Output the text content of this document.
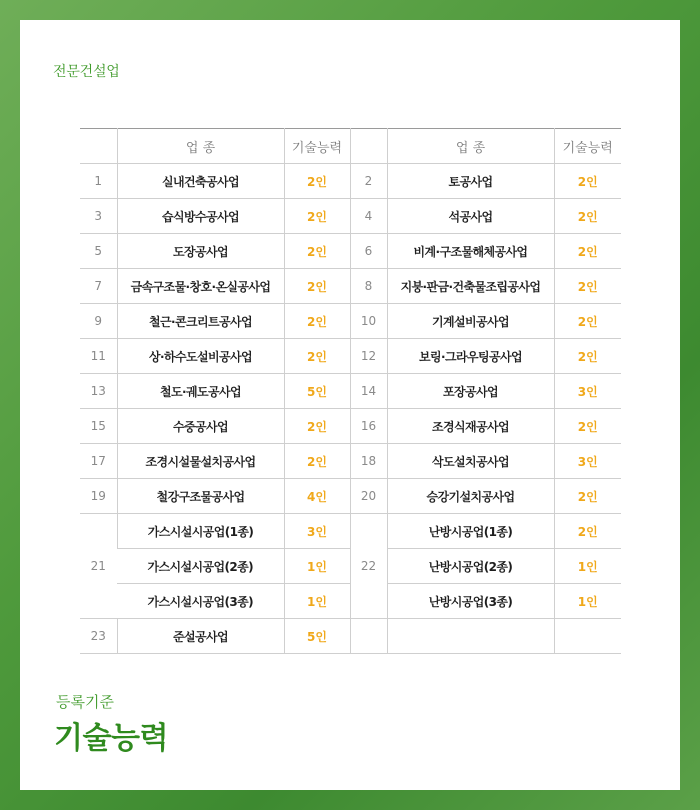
전문건설업
	업 종	기술능력		업 종	기술능력
1	실내건축공사업	2인	2	토공사업	2인
3	습식방수공사업	2인	4	석공사업	2인
5	도장공사업	2인	6	비계·구조물해체공사업	2인
7	금속구조물·창호·온실공사업	2인	8	지붕·판금·건축물조립공사업	2인
9	철근·콘크리트공사업	2인	10	기계설비공사업	2인
11	상·하수도설비공사업	2인	12	보링·그라우팅공사업	2인
13	철도·궤도공사업	5인	14	포장공사업	3인
15	수중공사업	2인	16	조경식재공사업	2인
17	조경시설물설치공사업	2인	18	삭도설치공사업	3인
19	철강구조물공사업	4인	20	승강기설치공사업	2인
21	가스시설시공업(1종)	3인	22	난방시공업(1종)	2인
	가스시설시공업(2종)	1인		난방시공업(2종)	1인
	가스시설시공업(3종)	1인		난방시공업(3종)	1인
23	준설공사업	5인			
등록기준
기술능력
